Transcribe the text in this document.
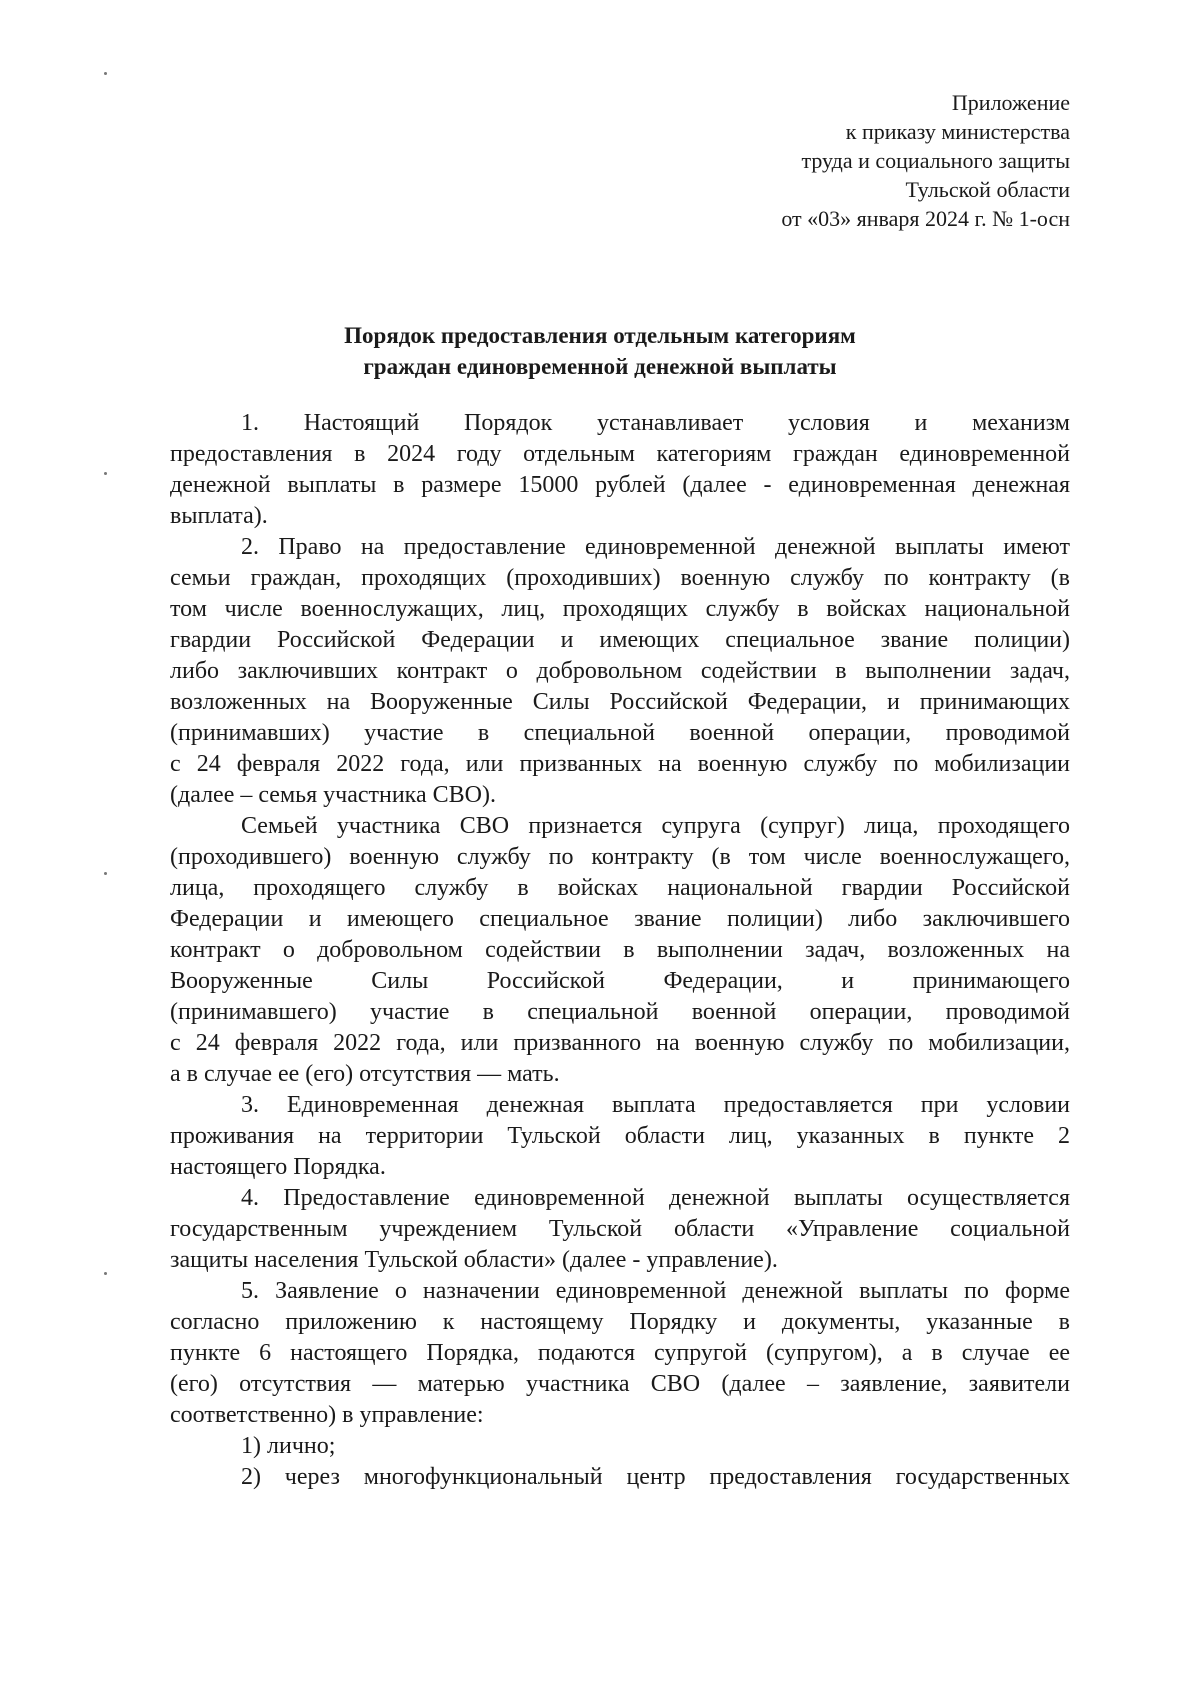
Приложение
к приказу министерства
труда и социального защиты
Тульской области
от «03» января 2024 г. № 1-осн
Порядок предоставления отдельным категориям
граждан единовременной денежной выплаты
1. Настоящий Порядок устанавливает условия и механизм
предоставления в 2024 году отдельным категориям граждан единовременной
денежной выплаты в размере 15000 рублей (далее - единовременная денежная
выплата).
2. Право на предоставление единовременной денежной выплаты имеют
семьи граждан, проходящих (проходивших) военную службу по контракту (в
том числе военнослужащих, лиц, проходящих службу в войсках национальной
гвардии Российской Федерации и имеющих специальное звание полиции)
либо заключивших контракт о добровольном содействии в выполнении задач,
возложенных на Вооруженные Силы Российской Федерации, и принимающих
(принимавших) участие в специальной военной операции, проводимой
с 24 февраля 2022 года, или призванных на военную службу по мобилизации
(далее – семья участника СВО).
Семьей участника СВО признается супруга (супруг) лица, проходящего
(проходившего) военную службу по контракту (в том числе военнослужащего,
лица, проходящего службу в войсках национальной гвардии Российской
Федерации и имеющего специальное звание полиции) либо заключившего
контракт о добровольном содействии в выполнении задач, возложенных на
Вооруженные Силы Российской Федерации, и принимающего
(принимавшего) участие в специальной военной операции, проводимой
с 24 февраля 2022 года, или призванного на военную службу по мобилизации,
а в случае ее (его) отсутствия — мать.
3. Единовременная денежная выплата предоставляется при условии
проживания на территории Тульской области лиц, указанных в пункте 2
настоящего Порядка.
4. Предоставление единовременной денежной выплаты осуществляется
государственным учреждением Тульской области «Управление социальной
защиты населения Тульской области» (далее - управление).
5. Заявление о назначении единовременной денежной выплаты по форме
согласно приложению к настоящему Порядку и документы, указанные в
пункте 6 настоящего Порядка, подаются супругой (супругом), а в случае ее
(его) отсутствия — матерью участника СВО (далее – заявление, заявители
соответственно) в управление:
1) лично;
2) через многофункциональный центр предоставления государственных
